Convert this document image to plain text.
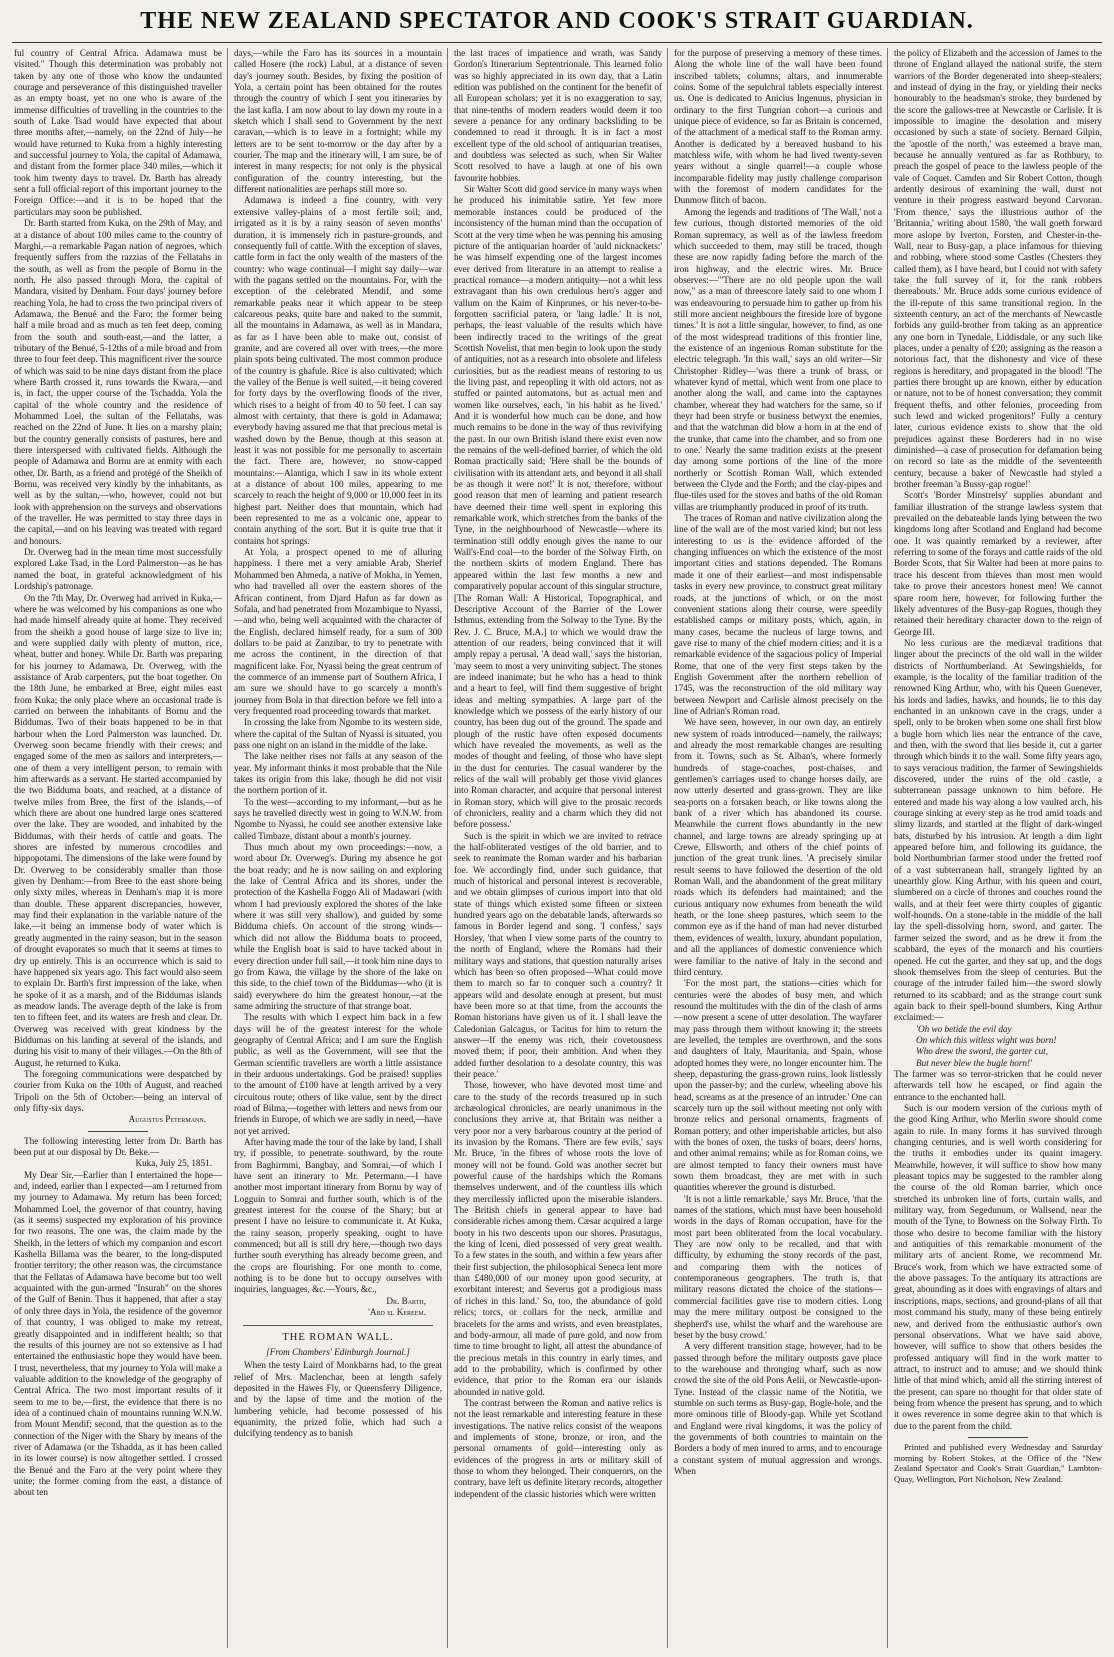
THE NEW ZEALAND SPECTATOR AND COOK'S STRAIT GUARDIAN.

ful country of Central Africa. Adamawa must be visited." Though this determination was probably not taken by any one of those who know the undaunted courage and perseverance of this distinguished traveller as an empty boast, yet no one who is aware of the immense difficulties of travelling in the countries to the south of Lake Tsad would have expected that about three months after,—namely, on the 22nd of July—he would have returned to Kuka from a highly interesting and successful journey to Yola, the capital of Adamawa, and distant from the former place 340 miles,—which it took him twenty days to travel. Dr. Barth has already sent a full official report of this important journey to the Foreign Office:—and it is to be hoped that the particulars may soon be published.

Dr. Barth started from Kuka, on the 29th of May, and at a distance of about 100 miles came to the country of Marghi,—a remarkable Pagan nation of negroes, which frequently suffers from the razzias of the Fellatahs in the south, as well as from the people of Bornu in the north. He also passed through Mora, the capital of Mandara, visited by Denham. Four days' journey before reaching Yola, he had to cross the two principal rivers of Adamawa, the Benué and the Faro; the former being half a mile broad and as much as ten feet deep, coming from the south and south-east,—and the latter, a tributary of the Benué, 5-12ths of a mile broad and from three to four feet deep. This magnificent river the source of which was said to be nine days distant from the place where Barth crossed it, runs towards the Kwara,—and is, in fact, the upper course of the Tschadda. Yola the capital of the whole country and the residence of Mohammed Loel, the sultan of the Fellatahs, was reached on the 22nd of June. It lies on a marshy plain; but the country generally consists of pastures, here and there interspersed with cultivated fields. Although the people of Adamawa and Bornu are at enmity with each other, Dr. Barth, as a friend and protégé of the Sheikh of Bornu, was received very kindly by the inhabitants, as well as by the sultan,—who, however, could not but look with apprehension on the surveys and observations of the traveller. He was permitted to stay three days in the capital,—and on his leaving was treated with regard and honours.

Dr. Overweg had in the mean time most successfully explored Lake Tsad, in the Lord Palmerston—as he has named the boat, in grateful acknowledgment of his Lordship's patronage.

On the 7th May, Dr. Overweg had arrived in Kuka,—where he was welcomed by his companions as one who had made himself already quite at home. They received from the sheikh a good house of large size to live in; and were supplied daily with plenty of mutton, rice, wheat, butter and honey. While Dr. Barth was preparing for his journey to Adamawa, Dr. Overweg, with the assistance of Arab carpenters, put the boat together. On the 18th June, he embarked at Bree, eight miles east from Kuka; the only place where an occasional trade is carried on between the inhabitants of Bornu and the Biddumas. Two of their boats happened to be in that harbour when the Lord Palmerston was launched. Dr. Overweg soon became friendly with their crews; and engaged some of the men as sailors and interpreters,—one of them a very intelligent person, to remain with him afterwards as a servant. He started accompanied by the two Bidduma boats, and reached, at a distance of twelve miles from Bree, the first of the islands,—of which there are about one hundred large ones scattered over the lake. They are wooded, and inhabited by the Biddumas, with their herds of cattle and goats. The shores are infested by numerous crocodiles and hippopotami. The dimensions of the lake were found by Dr. Overweg to be considerably smaller than those given by Denham:—from Bree to the east shore being only sixty miles, whereas in Denham's map it is more than double. These apparent discrepancies, however, may find their explanation in the variable nature of the lake,—it being an immense body of water which is greatly augmented in the rainy season, but in the season of drought evaporates so much that it seems at times to dry up entirely. This is an occurrence which is said to have happened six years ago. This fact would also seem to explain Dr. Barth's first impression of the lake, when he spoke of it as a marsh, and of the Biddumas islands as meadow lands. The average depth of the lake is from ten to fifteen feet, and its waters are fresh and clear. Dr. Overweg was received with great kindness by the Biddumas on his landing at several of the islands, and during his visit to many of their villages.—On the 8th of August, he returned to Kuka.

The foregoing communications were despatched by courier from Kuka on the 10th of August, and reached Tripoli on the 5th of October:—being an interval of only fifty-six days.

Augustus Petermann.

The following interesting letter from Dr. Barth has been put at our disposal by Dr. Beke.—

Kuka, July 25, 1851.

My Dear Sir,—Earlier than I entertained the hope—and, indeed, earlier than I expected—am I returned from my journey to Adamawa. My return has been forced; Mohammed Loel, the governor of that country, having (as it seems) suspected my exploration of his province for two reasons. The one was, the claim made by the Sheikh, in the letters of which my companion and escort Kashella Billama was the bearer, to the long-disputed frontier territory; the other reason was, the circumstance that the Fellatas of Adamawa have become but too well acquainted with the gun-armed "Insurah" on the shores of the Gulf of Benin. Thus it happened, that after a stay of only three days in Yola, the residence of the governor of that country, I was obliged to make my retreat, greatly disappointed and in indifferent health; so that the results of this journey are not so extensive as I had entertained the enthusiastic hope they would have been. I trust, nevertheless, that my journey to Yola will make a valuable addition to the knowledge of the geography of Central Africa. The two most important results of it seem to me to be,—first, the evidence that there is no idea of a continued chain of mountains running W.N.W. from Mount Mendif; second, that the question as to the connection of the Niger with the Shary by means of the river of Adamawa (or the Tshadda, as it has been called in its lower course) is now altogether settled. I crossed the Benué and the Faro at the very point where they unite; the former coming from the east, a distance of about ten

days,—while the Faro has its sources in a mountain called Hosere (the rock) Labul, at a distance of seven day's journey south. Besides, by fixing the position of Yola, a certain point has been obtained for the routes through the country of which I sent you itineraries by the last kafla. I am now about to lay down my route in a sketch which I shall send to Government by the next caravan,—which is to leave in a fortnight; while my letters are to be sent to-morrow or the day after by a courier. The map and the itinerary will, I am sure, be of interest in many respects; for not only is the physical configuration of the country interesting, but the different nationalities are perhaps still more so.

Adamawa is indeed a fine country, with very extensive valley-plains of a most fertile soil; and, irrigated as it is by a rainy season of seven months' duration, it is immensely rich in pasture-grounds, and consequently full of cattle. With the exception of slaves, cattle form in fact the only wealth of the masters of the country: who wage continual—I might say daily—war with the pagans settled on the mountains. For, with the exception of the celebrated Mendif, and some remarkable peaks near it which appear to be steep calcareous peaks, quite bare and naked to the summit, all the mountains in Adamawa, as well as in Mandara, as far as I have been able to make out, consist of granite, and are covered all over with trees,—the more plain spots being cultivated. The most common produce of the country is ghafule. Rice is also cultivated; which the valley of the Benue is well suited,—it being covered for forty days by the overflowing floods of the river, which rises to a height of from 40 to 50 feet. I can say almost with certainty, that there is gold in Adamawa; everybody having assured me that that precious metal is washed down by the Benue, though at this season at least it was not possible for me personally to ascertain the fact. There are, however, no snow-capped mountains:—Alantiga, which I saw in its whole extent at a distance of about 100 miles, appearing to me scarcely to reach the height of 9,000 or 10,000 feet in its highest part. Neither does that mountain, which had been represented to me as a volcanic one, appear to contain anything of the sort. But it is quite true that it contains hot springs.

At Yola, a prospect opened to me of alluring happiness. I there met a very amiable Arab, Sherief Mohammed ben Ahmeda, a native of Mokha, in Yemen, who had travelled all over the eastern shores of the African continent, from Djard Hafun as far down as Sofala, and had penetrated from Mozambique to Nyassi,—and who, being well acquainted with the character of the English, declared himself ready, for a sum of 300 dollars to be paid at Zanzibar, to try to penetrate with me across the continent, in the direction of that magnificent lake. For, Nyassi being the great centrum of the commerce of an immense part of Southern Africa, I am sure we should have to go scarcely a month's journey from Bola in that direction before we fell into a very frequented road proceeding towards that market.

In crossing the lake from Ngombe to its western side, where the capital of the Sultan of Nyassi is situated, you pass one night on an island in the middle of the lake.

The lake neither rises nor falls at any season of the year. My informant thinks it most probable that the Nile takes its origin from this lake, though he did not visit the northern portion of it.

To the west—according to my informant,—but as he says he travelled directly west in going to W.N.W. from Ngombe to Nyassi, he could see another extensive lake called Timbaze, distant about a month's journey.

Thus much about my own proceedings:—now, a word about Dr. Overweg's. During my absence he got the boat ready; and he is now sailing on and exploring the lake of Central Africa and its shores, under the protection of the Kashella Foggo Ali of Madawari (with whom I had previously explored the shores of the lake where it was still very shallow), and guided by some Bidduma chiefs. On account of the strong winds—which did not allow the Bidduma boats to proceed, while the English boat is said to have tacked about in every direction under full sail,—it took him nine days to go from Kawa, the village by the shore of the lake on this side, to the chief town of the Biddumas—who (it is said) everywhere do him the greatest honour,—at the same admiring the structure of that strange boat.

The results with which I expect him back in a few days will be of the greatest interest for the whole geography of Central Africa; and I am sure the English public, as well as the Government, will see that the German scientific travellers are worth a little assistance in their arduous undertakings. God be praised! supplies to the amount of £100 have at length arrived by a very circuitous route; others of like value, sent by the direct road of Bilma,—together with letters and news from our friends in Europe, of which we are sadly in need,—have not yet arrived.

After having made the tour of the lake by land, I shall try, if possible, to penetrate southward, by the route from Baghirmmi, Bangbay, and Somrai,—of which I have sent an itinerary to Mr. Petermann.—I have another most important itinerary from Bornu by way of Logguin to Somrai and further south, which is of the greatest interest for the course of the Shary; but at present I have no leisure to communicate it. At Kuka, the rainy season, properly speaking, ought to have commenced; but all is still dry here,—though two days further south everything has already become green, and the crops are flourishing. For one month to come, nothing is to be done but to occupy ourselves with inquiries, languages, &c.—Yours, &c.,

Dr. Barth,

'Abd el Kereem.

THE ROMAN WALL.

[From Chambers' Edinburgh Journal.]

When the testy Laird of Monkbarns had, to the great relief of Mrs. Maclenchar, been at length safely deposited in the Hawes Fly, or Queensferry Diligence, and by the lapse of time and the motion of the lumbering vehicle, had become possessed of his equanimity, the prized folie, which had such a dulcifying tendency as to banish

the last traces of impatience and wrath, was Sandy Gordon's Itinerarium Septentrionale. This learned folio was so highly appreciated in its own day, that a Latin edition was published on the continent for the benefit of all European scholars; yet it is no exaggeration to say, that nine-tenths of modern readers would deem it too severe a penance for any ordinary backsliding to be condemned to read it through. It is in fact a most excellent type of the old school of antiquarian treatises, and doubtless was selected as such, when Sir Walter Scott resolved to have a laugh at one of his own favourite hobbies.

Sir Walter Scott did good service in many ways when he produced his inimitable satire. Yet few more memorable instances could be produced of the inconsistency of the human mind than the occupation of Scott at the very time when he was penning his amusing picture of the antiquarian hoarder of 'auld nicknackets:' he was himself expending one of the largest incomes ever derived from literature in an attempt to realise a practical romance—a modern antiquity—not a whit less extravagant than his own credulous hero's agger and vallum on the Kaim of Kinprunes, or his never-to-be-forgotten sacrificial patera, or 'lang ladle.' It is not, perhaps, the least valuable of the results which have been indirectly traced to the writings of the great Scottish Novelist, that men begin to look upon the study of antiquities, not as a research into obsolete and lifeless curiosities, but as the readiest means of restoring to us the living past, and repeopling it with old actors, not as stuffed or painted automatons, but as actual men and women like ourselves, each, 'in his habit as he lived.' And it is wonderful how much can be done, and how much remains to be done in the way of thus revivifying the past. In our own British island there exist even now the remains of the well-defined barrier, of which the old Roman practically said; 'Here shall be the bounds of civilisation with its attendant arts, and beyond it all shall be as though it were not!' It is not, therefore, without good reason that men of learning and patient research have deemed their time well spent in exploring this remarkable work, which stretches from the banks of the Tyne, in the neighbourhood of Newcastle—where its termination still oddly enough gives the name to our Wall's-End coal—to the border of the Solway Firth, on the northern skirts of modern England. There has appeared within the last few months a new and comparatively popular account of this singular structure, [The Roman Wall: A Historical, Topographical, and Descriptive Account of the Barrier of the Lower Isthmus, extending from the Solway to the Tyne. By the Rev. J. C. Bruce, M.A.] to which we would draw the attention of our readers, being convinced that it will amply repay a perusal. 'A dead wall,' says the historian, 'may seem to most a very uninviting subject. The stones are indeed inanimate; but he who has a head to think and a heart to feel, will find them suggestive of bright ideas and melting sympathies. A large part of the knowledge which we possess of the early history of our country, has been dug out of the ground. The spade and plough of the rustic have often exposed documents which have revealed the movements, as well as the modes of thought and feeling, of those who have slept in the dust for centuries. The casual wanderer by the relics of the wall will probably get those vivid glances into Roman character, and acquire that personal interest in Roman story, which will give to the prosaic records of chroniclers, reality and a charm which they did not before possess.'

Such is the spirit in which we are invited to retrace the half-obliterated vestiges of the old barrier, and to seek to reanimate the Roman warder and his barbarian foe. We accordingly find, under such guidance, that much of historical and personal interest is recoverable, and we obtain glimpses of curious import into that old state of things which existed some fifteen or sixteen hundred years ago on the debatable lands, afterwards so famous in Border legend and song. 'I confess,' says Horsley, 'that when I view some parts of the country to the north of England, where the Romans had their military ways and stations, that question naturally arises which has been so often proposed—What could move them to march so far to conquer such a country? It appears wild and desolate enough at present, but must have been more so at that time, from the accounts the Roman historians have given us of it. I shall leave the Caledonian Galcagus, or Tacitus for him to return the answer—If the enemy was rich, their covetousness moved them; if poor, their ambition. And when they added further desolation to a desolate country, this was their peace.'

Those, however, who have devoted most time and care to the study of the records treasured up in such archæological chronicles, are nearly unanimous in the conclusions they arrive at, that Britain was neither a very poor nor a very barbarous country at the period of its invasion by the Romans. 'There are few evils,' says Mr. Bruce, 'in the fibres of whose roots the love of money will not be found. Gold was another secret but powerful cause of the hardships which the Romans themselves underwent, and of the countless ills which they mercilessly inflicted upon the miserable islanders. The British chiefs in general appear to have had considerable riches among them. Cæsar acquired a large booty in his two descents upon our shores. Prasutagus, the king of Iceni, died possessed of very great wealth. To a few states in the south, and within a few years after their first subjection, the philosophical Seneca lent more than £480,000 of our money upon good security, at exorbitant interest; and Severus got a prodigious mass of riches in this land.' So, too, the abundance of gold relics; torcs, or collars for the neck, armillæ and bracelets for the arms and wrists, and even breastplates, and body-armour, all made of pure gold, and now from time to time brought to light, all attest the abundance of the precious metals in this country in early times, and add to the probability, which is confirmed by other evidence, that prior to the Roman era our islands abounded in native gold.

The contrast between the Roman and native relics is not the least remarkable and interesting feature in these investigations. The native relics consist of the weapons and implements of stone, bronze, or iron, and the personal ornaments of gold—interesting only as evidences of the progress in arts or military skill of those to whom they belonged. Their conquerors, on the contrary, have left us definite literary records, altogether independent of the classic histories which were written

for the purpose of preserving a memory of these times. Along the whole line of the wall have been found inscribed tablets, columns, altars, and innumerable coins. Some of the sepulchral tablets especially interest us. One is dedicated to Anicius Ingenuus, physician in ordinary to the first Tungrian cohort—a curious and unique piece of evidence, so far as Britain is concerned, of the attachment of a medical staff to the Roman army. Another is dedicated by a bereaved husband to his matchless wife, with whom he had lived twenty-seven years without a single quarrel!—a couple whose incomparable fidelity may justly challenge comparison with the foremost of modern candidates for the Dunmow flitch of bacon.

Among the legends and traditions of 'The Wall,' not a few curious, though distorted memories of the old Roman supremacy, as well as of the lawless freedom which succeeded to them, may still be traced, though these are now rapidly fading before the march of the iron highway, and the electric wires. Mr. Bruce observes:—'"There are no old people upon the wall now," as a man of threescore lately said to one whom I was endeavouring to persuade him to gather up from his still more ancient neighbours the fireside lore of bygone times.' It is not a little singular, however, to find, as one of the most widespread traditions of this frontier line, the existence of an ingenious Roman substitute for the electric telegraph. 'In this wall,' says an old writer—Sir Christopher Ridley—'was there a trunk of brass, or whatever kynd of mettal, which went from one place to another along the wall, and came into the captaynes chamber, whereat they had watchers for the same, so if theyr had been stryfe or business betwyxt the enemies, and that the watchman did blow a horn in at the end of the trunke, that came into the chamber, and so from one to one.' Nearly the same tradition exists at the present day among some portions of the line of the more northerly or Scottish Roman Wall, which extended between the Clyde and the Forth; and the clay-pipes and flue-tiles used for the stoves and baths of the old Roman villas are triumphantly produced in proof of its truth.

The traces of Roman and native civilization along the line of the wall are of the most varied kind; but not less interesting to us is the evidence afforded of the changing influences on which the existence of the most important cities and stations depended. The Romans made it one of their earliest—and most indispensable tasks in every new province, to construct great military roads, at the junctions of which, or on the most convenient stations along their course, were speedily established camps or military posts, which, again, in many cases, became the nucleus of large towns, and gave rise to many of the chief modern cities; and it is a remarkable evidence of the sagacious policy of Imperial Rome, that one of the very first steps taken by the English Government after the northern rebellion of 1745, was the reconstruction of the old military way between Newport and Carlisle almost precisely on the line of Adrian's Roman road.

We have seen, however, in our own day, an entirely new system of roads introduced—namely, the railways; and already the most remarkable changes are resulting from it. Towns, such as St. Alban's, where formerly hundreds of stage-coaches, post-chaises, and gentlemen's carriages used to change horses daily, are now utterly deserted and grass-grown. They are like sea-ports on a forsaken beach, or like towns along the bank of a river which has abandoned its course. Meanwhile the current flows abundantly in the new channel, and large towns are already springing up at Crewe, Ellsworth, and others of the chief points of junction of the great trunk lines. 'A precisely similar result seems to have followed the desertion of the old Roman Wall, and the abandonment of the great military roads which its defenders had maintained; and the curious antiquary now exhumes from beneath the wild heath, or the lone sheep pastures, which seem to the common eye as if the hand of man had never disturbed them, evidences of wealth, luxury, abundant population, and all the appliances of domestic convenience which were familiar to the native of Italy in the second and third century.

'For the most part, the stations—cities which for centuries were the abodes of busy men, and which resound the multitudes with the din of the clash of arms—now present a scene of utter desolation. The wayfarer may pass through them without knowing it; the streets are levelled, the temples are overthrown, and the sons and daughters of Italy, Mauritania, and Spain, whose adopted homes they were, no longer encounter him. The sheep, depasturing the grass-grown ruins, look listlessly upon the passer-by; and the curlew, wheeling above his head, screams as at the presence of an intruder.' One can scarcely turn up the soil without meeting not only with bronze relics and personal ornaments, fragments of Roman pottery, and other imperishable articles, but also with the bones of oxen, the tusks of boars, deers' horns, and other animal remains; while as for Roman coins, we are almost tempted to fancy their owners must have sown them broadcast, they are met with in such quantities wherever the ground is disturbed.

'It is not a little remarkable,' says Mr. Bruce, 'that the names of the stations, which must have been household words in the days of Roman occupation, have for the most part been obliterated from the local vocabulary. They are now only to be recalled, and that with difficulty, by exhuming the stony records of the past, and comparing them with the notices of contemporaneous geographers. The truth is, that military reasons dictated the choice of the stations—commercial facilities gave rise to modern cities. Long may the mere military outpost be consigned to the shepherd's use, whilst the wharf and the warehouse are beset by the busy crowd.'

A very different transition stage, however, had to be passed through before the military outposts gave place to the warehouse and thronging wharf, such as now crowd the site of the old Pons Aelii, or Newcastle-upon-Tyne. Instead of the classic name of the Notitia, we stumble on such terms as Busy-gap, Bogle-hole, and the more ominous title of Bloody-gap. While yet Scotland and England were rival kingdoms, it was the policy of the governments of both countries to maintain on the Borders a body of men inured to arms, and to encourage a constant system of mutual aggression and wrongs. When

the policy of Elizabeth and the accession of James to the throne of England allayed the national strife, the stern warriors of the Border degenerated into sheep-stealers; and instead of dying in the fray, or yielding their necks honourably to the headsman's stroke, they burdened by the score the gallows-tree at Newcastle or Carlisle. It is impossible to imagine the desolation and misery occasioned by such a state of society. Bernard Gilpin, the 'apostle of the north,' was esteemed a brave man, because he annually ventured as far as Rothbury, to preach the gospel of peace to the lawless people of the vale of Coquet. Camden and Sir Robert Cotton, though ardently desirous of examining the wall, durst not venture in their progress eastward beyond Carvoran. 'From thence,' says the illustrious author of the 'Britannia,' writing about 1580, 'the wall goeth forward more aslope by Iverton, Forsten, and Chester-in-the-Wall, near to Busy-gap, a place infamous for thieving and robbing, where stood some Castles (Chesters they called them), as I have heard, but I could not with safety take the full survey of it, for the rank robbers thereabouts.' Mr. Bruce adds some curious evidence of the ill-repute of this same transitional region. In the sixteenth century, an act of the merchants of Newcastle forbids any guild-brother from taking as an apprentice any one born in Tynedale, Liddisdale, or any such like places, under a penalty of £20; assigning as the reason a notorious fact, that the dishonesty and vice of these regions is hereditary, and propagated in the blood! 'The parties there brought up are known, either by education or nature, not to be of honest conversation; they commit frequent thefts, and other felonies, proceeding from such lewd and wicked progenitors!' Fully a century later, curious evidence exists to show that the old prejudices against these Borderers had in no wise diminished—a case of prosecution for defamation being on record so late as the middle of the seventeenth century, because a baker of Newcastle had styled a brother freeman 'a Bussy-gap rogue!'

Scott's 'Border Minstrelsy' supplies abundant and familiar illustration of the strange lawless system that prevailed on the debateable lands lying between the two kingdoms long after Scotland and England had become one. It was quaintly remarked by a reviewer, after referring to some of the forays and cattle raids of the old Border Scots, that Sir Walter had been at more pains to trace his descent from thieves than most men would take to prove their ancestors honest men! We cannot spare room here, however, for following further the likely adventures of the Busy-gap Rogues, though they retained their hereditary character down to the reign of George III.

No less curious are the mediæval traditions that linger about the precincts of the old wall in the wilder districts of Northumberland. At Sewingshields, for example, is the locality of the familiar tradition of the renowned King Arthur, who, with his Queen Guenever, his lords and ladies, hawks, and hounds, lie to this day enchanted in an unknown cave in the crags, under a spell, only to be broken when some one shall first blow a bugle horn which lies near the entrance of the cave, and then, with the sword that lies beside it, cut a garter through which binds it to the wall. Some fifty years ago, to says veracious tradition, the farmer of Sewingshields discovered, under the ruins of the old castle, a subterranean passage unknown to him before. He entered and made his way along a low vaulted arch, his courage sinking at every step as he trod amid toads and slimy lizards, and startled at the flight of dark-winged bats, disturbed by his intrusion. At length a dim light appeared before him, and following its guidance, the bold Northumbrian farmer stood under the fretted roof of a vast subterranean hall, strangely lighted by an unearthly glow. King Arthur, with his queen and court, slumbered on a circle of thrones and couches round the walls, and at their feet were thirty couples of gigantic wolf-hounds. On a stone-table in the middle of the hall lay the spell-dissolving horn, sword, and garter. The farmer seized the sword, and as he drew it from the scabbard, the eyes of the monarch and his courtiers opened. He cut the garter, and they sat up, and the dogs shook themselves from the sleep of centuries. But the courage of the intruder failed him—the sword slowly returned to its scabbard; and as the strange court sunk again back to their spell-bound slumbers, King Arthur exclaimed:—

'Oh wo betide the evil day

On which this witless wight was born!

Who drew the sword, the garter cut,

But never blew the bugle horn!'

The farmer was so terror-stricken that he could never afterwards tell how he escaped, or find again the entrance to the enchanted hall.

Such is our modern version of the curious myth of the good King Arthur, who Merlin swore should come again to rule. In many forms it has survived through changing centuries, and is well worth considering for the truths it embodies under its quaint imagery. Meanwhile, however, it will suffice to show how many pleasant topics may be suggested to the rambler along the course of the old Roman barrier, which once stretched its unbroken line of forts, curtain walls, and military way, from Segedunum, or Wallsend, near the mouth of the Tyne, to Bowness on the Solway Firth. To those who desire to become familiar with the history and antiquities of this remarkable monument of the military arts of ancient Rome, we recommend Mr. Bruce's work, from which we have extracted some of the above passages. To the antiquary its attractions are great, abounding as it does with engravings of altars and inscriptions, maps, sections, and ground-plans of all that most command his study, many of these being entirely new, and derived from the enthusiastic author's own personal observations. What we have said above, however, will suffice to show that others besides the professed antiquary will find in the work matter to attract, to instruct and to amuse; and we should think little of that mind which, amid all the stirring interest of the present, can spare no thought for that older state of being from whence the present has sprung, and to which it owes reverence in some degree akin to that which is due to the parent from the child.

Printed and published every Wednesday and Saturday morning by Robert Stokes, at the Office of the "New Zealand Spectator and Cook's Strait Guardian," Lambton-Quay, Wellington, Port Nicholson, New Zealand.
